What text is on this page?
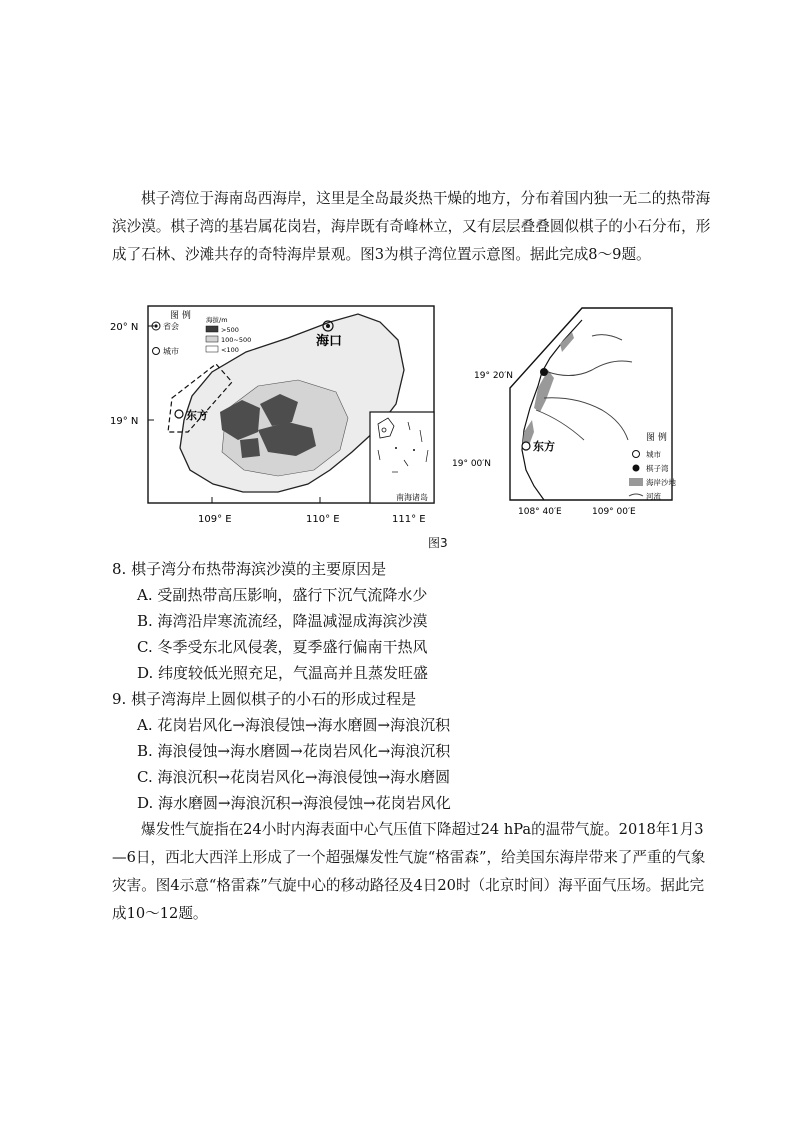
棋子湾位于海南岛西海岸，这里是全岛最炎热干燥的地方，分布着国内独一无二的热带海滨沙漠。棋子湾的基岩属花岗岩，海岸既有奇峰林立，又有层层叠叠圆似棋子的小石分布，形成了石林、沙滩共存的奇特海岸景观。图3为棋子湾位置示意图。据此完成8～9题。

20° N
19° N
109° E	110° E	111° E
图 例
省会
城市
海拔/m
>500
100~500
<100
海口
东方
南海诸岛
东方
19° 20′N
19° 00′N
108° 40′E	109° 00′E
图 例
城市
棋子湾
海岸沙地
河流
图3

8. 棋子湾分布热带海滨沙漠的主要原因是

A. 受副热带高压影响，盛行下沉气流降水少

B. 海湾沿岸寒流流经，降温减湿成海滨沙漠

C. 冬季受东北风侵袭，夏季盛行偏南干热风

D. 纬度较低光照充足，气温高并且蒸发旺盛

9. 棋子湾海岸上圆似棋子的小石的形成过程是

A. 花岗岩风化→海浪侵蚀→海水磨圆→海浪沉积

B. 海浪侵蚀→海水磨圆→花岗岩风化→海浪沉积

C. 海浪沉积→花岗岩风化→海浪侵蚀→海水磨圆

D. 海水磨圆→海浪沉积→海浪侵蚀→花岗岩风化

爆发性气旋指在24小时内海表面中心气压值下降超过24 hPa的温带气旋。2018年1月3—6日，西北大西洋上形成了一个超强爆发性气旋“格雷森”，给美国东海岸带来了严重的气象灾害。图4示意“格雷森”气旋中心的移动路径及4日20时（北京时间）海平面气压场。据此完成10～12题。
